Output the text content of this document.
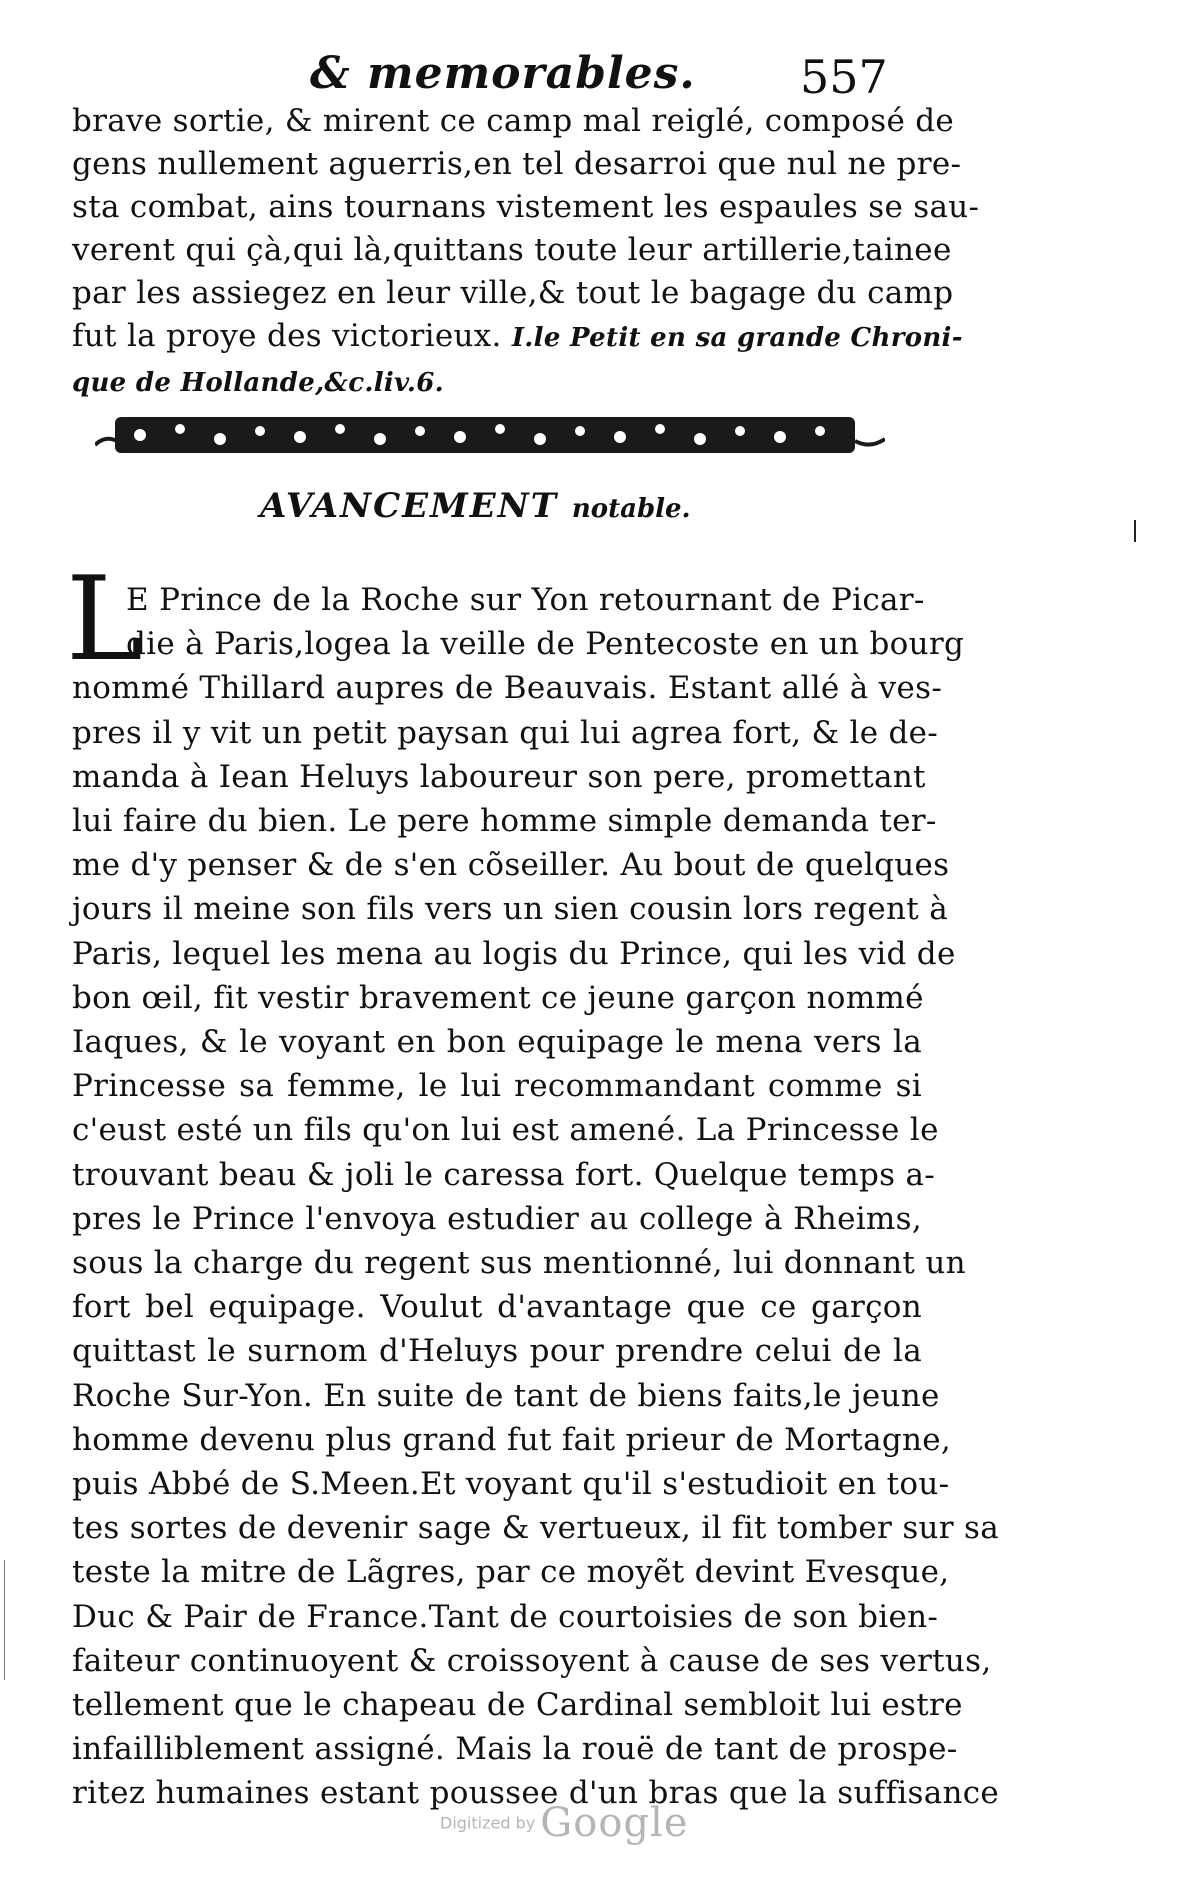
& memorables. 557
brave sortie, & mirent ce camp mal reiglé, composé de
gens nullement aguerris,en tel desarroi que nul ne pre-
sta combat, ains tournans vistement les espaules se sau-
verent qui çà,qui là,quittans toute leur artillerie,tainee
par les assiegez en leur ville,& tout le bagage du camp
fut la proye des victorieux. I.le Petit en sa grande Chroni-
que de Hollande,&c.liv.6.
AVANCEMENT notable.
L
E Prince de la Roche sur Yon retournant de Picar-
die à Paris,logea la veille de Pentecoste en un bourg
nommé Thillard aupres de Beauvais. Estant allé à ves-
pres il y vit un petit paysan qui lui agrea fort, & le de-
manda à Iean Heluys laboureur son pere, promettant
lui faire du bien. Le pere homme simple demanda ter-
me d'y penser & de s'en cõseiller. Au bout de quelques
jours il meine son fils vers un sien cousin lors regent à
Paris, lequel les mena au logis du Prince, qui les vid de
bon œil, fit vestir bravement ce jeune garçon nommé
Iaques, & le voyant en bon equipage le mena vers la
Princesse sa femme, le lui recommandant comme si
c'eust esté un fils qu'on lui est amené. La Princesse le
trouvant beau & joli le caressa fort. Quelque temps a-
pres le Prince l'envoya estudier au college à Rheims,
sous la charge du regent sus mentionné, lui donnant un
fort bel equipage. Voulut d'avantage que ce garçon
quittast le surnom d'Heluys pour prendre celui de la
Roche Sur-Yon. En suite de tant de biens faits,le jeune
homme devenu plus grand fut fait prieur de Mortagne,
puis Abbé de S.Meen.Et voyant qu'il s'estudioit en tou-
tes sortes de devenir sage & vertueux, il fit tomber sur sa
teste la mitre de Lãgres, par ce moyẽt devint Evesque,
Duc & Pair de France.Tant de courtoisies de son bien-
faiteur continuoyent & croissoyent à cause de ses vertus,
tellement que le chapeau de Cardinal sembloit lui estre
infailliblement assigné. Mais la rouë de tant de prospe-
ritez humaines estant poussee d'un bras que la suffisance
Digitized by Google
